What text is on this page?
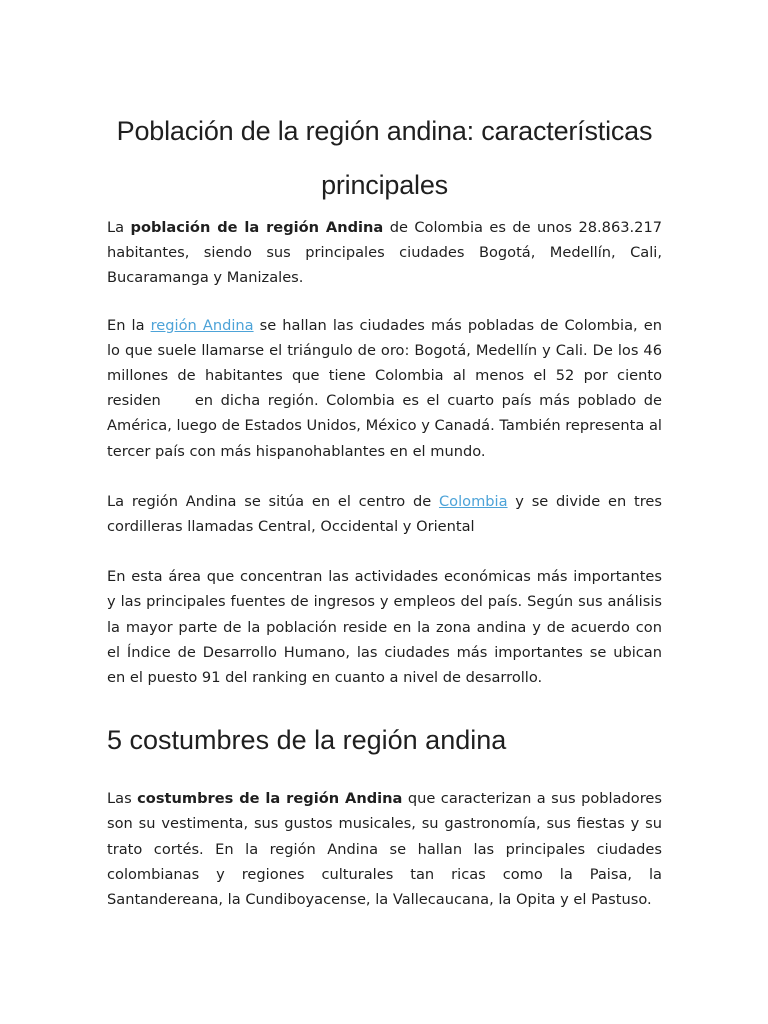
Población de la región andina: características
principales

La población de la región Andina de Colombia es de unos 28.863.217 habitantes, siendo sus principales ciudades Bogotá, Medellín, Cali, Bucaramanga y Manizales.

En la región Andina se hallan las ciudades más pobladas de Colombia, en lo que suele llamarse el triángulo de oro: Bogotá, Medellín y Cali. De los 46 millones de habitantes que tiene Colombia al menos el 52 por ciento residen en dicha región. Colombia es el cuarto país más poblado de América, luego de Estados Unidos, México y Canadá. También representa al tercer país con más hispanohablantes en el mundo.

La región Andina se sitúa en el centro de Colombia y se divide en tres cordilleras llamadas Central, Occidental y Oriental

En esta área que concentran las actividades económicas más importantes y las principales fuentes de ingresos y empleos del país. Según sus análisis la mayor parte de la población reside en la zona andina y de acuerdo con el Índice de Desarrollo Humano, las ciudades más importantes se ubican en el puesto 91 del ranking en cuanto a nivel de desarrollo.

5 costumbres de la región andina

Las costumbres de la región Andina que caracterizan a sus pobladores son su vestimenta, sus gustos musicales, su gastronomía, sus fiestas y su trato cortés. En la región Andina se hallan las principales ciudades colombianas y regiones culturales tan ricas como la Paisa, la Santandereana, la Cundiboyacense, la Vallecaucana, la Opita y el Pastuso.
